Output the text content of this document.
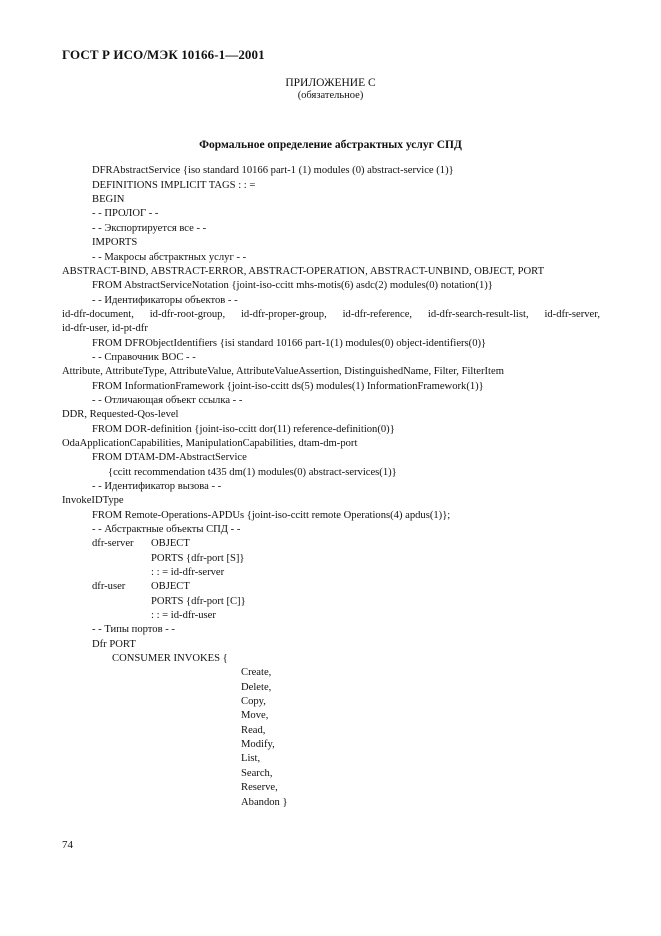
ГОСТ Р ИСО/МЭК 10166-1—2001
ПРИЛОЖЕНИЕ С
(обязательное)
Формальное определение абстрактных услуг СПД
DFRAbstractService {iso standard 10166 part-1 (1) modules (0) abstract-service (1)}
DEFINITIONS IMPLICIT TAGS : : =
BEGIN
- - ПРОЛОГ - -
- - Экспортируется все - -
IMPORTS
- - Макросы абстрактных услуг - -
ABSTRACT-BIND, ABSTRACT-ERROR, ABSTRACT-OPERATION, ABSTRACT-UNBIND, OBJECT, PORT
FROM AbstractServiceNotation {joint-iso-ccitt mhs-motis(6) asdc(2) modules(0) notation(1)}
- - Идентификаторы объектов - -
id-dfr-document, id-dfr-root-group, id-dfr-proper-group, id-dfr-reference, id-dfr-search-result-list, id-dfr-server,
id-dfr-user, id-pt-dfr
FROM DFRObjectIdentifiers {isi standard 10166 part-1(1) modules(0) object-identifiers(0)}
- - Справочник ВОС - -
Attribute, AttributeType, AttributeValue, AttributeValueAssertion, DistinguishedName, Filter, FilterItem
FROM InformationFramework {joint-iso-ccitt ds(5) modules(1) InformationFramework(1)}
- - Отличающая объект ссылка - -
DDR, Requested-Qos-level
FROM DOR-definition {joint-iso-ccitt dor(11) reference-definition(0)}
OdaApplicationCapabilities, ManipulationCapabilities, dtam-dm-port
FROM DTAM-DM-AbstractService
{ccitt recommendation t435 dm(1) modules(0) abstract-services(1)}
- - Идентификатор вызова - -
InvokeIDType
FROM Remote-Operations-APDUs {joint-iso-ccitt remote Operations(4) apdus(1)};
- - Абстрактные объекты СПД - -
dfr-server OBJECT
PORTS {dfr-port [S]}
: : = id-dfr-server
dfr-user OBJECT
PORTS {dfr-port [C]}
: : = id-dfr-user
- - Типы портов - -
Dfr PORT
CONSUMER INVOKES {
Create,
Delete,
Copy,
Move,
Read,
Modify,
List,
Search,
Reserve,
Abandon }
74
